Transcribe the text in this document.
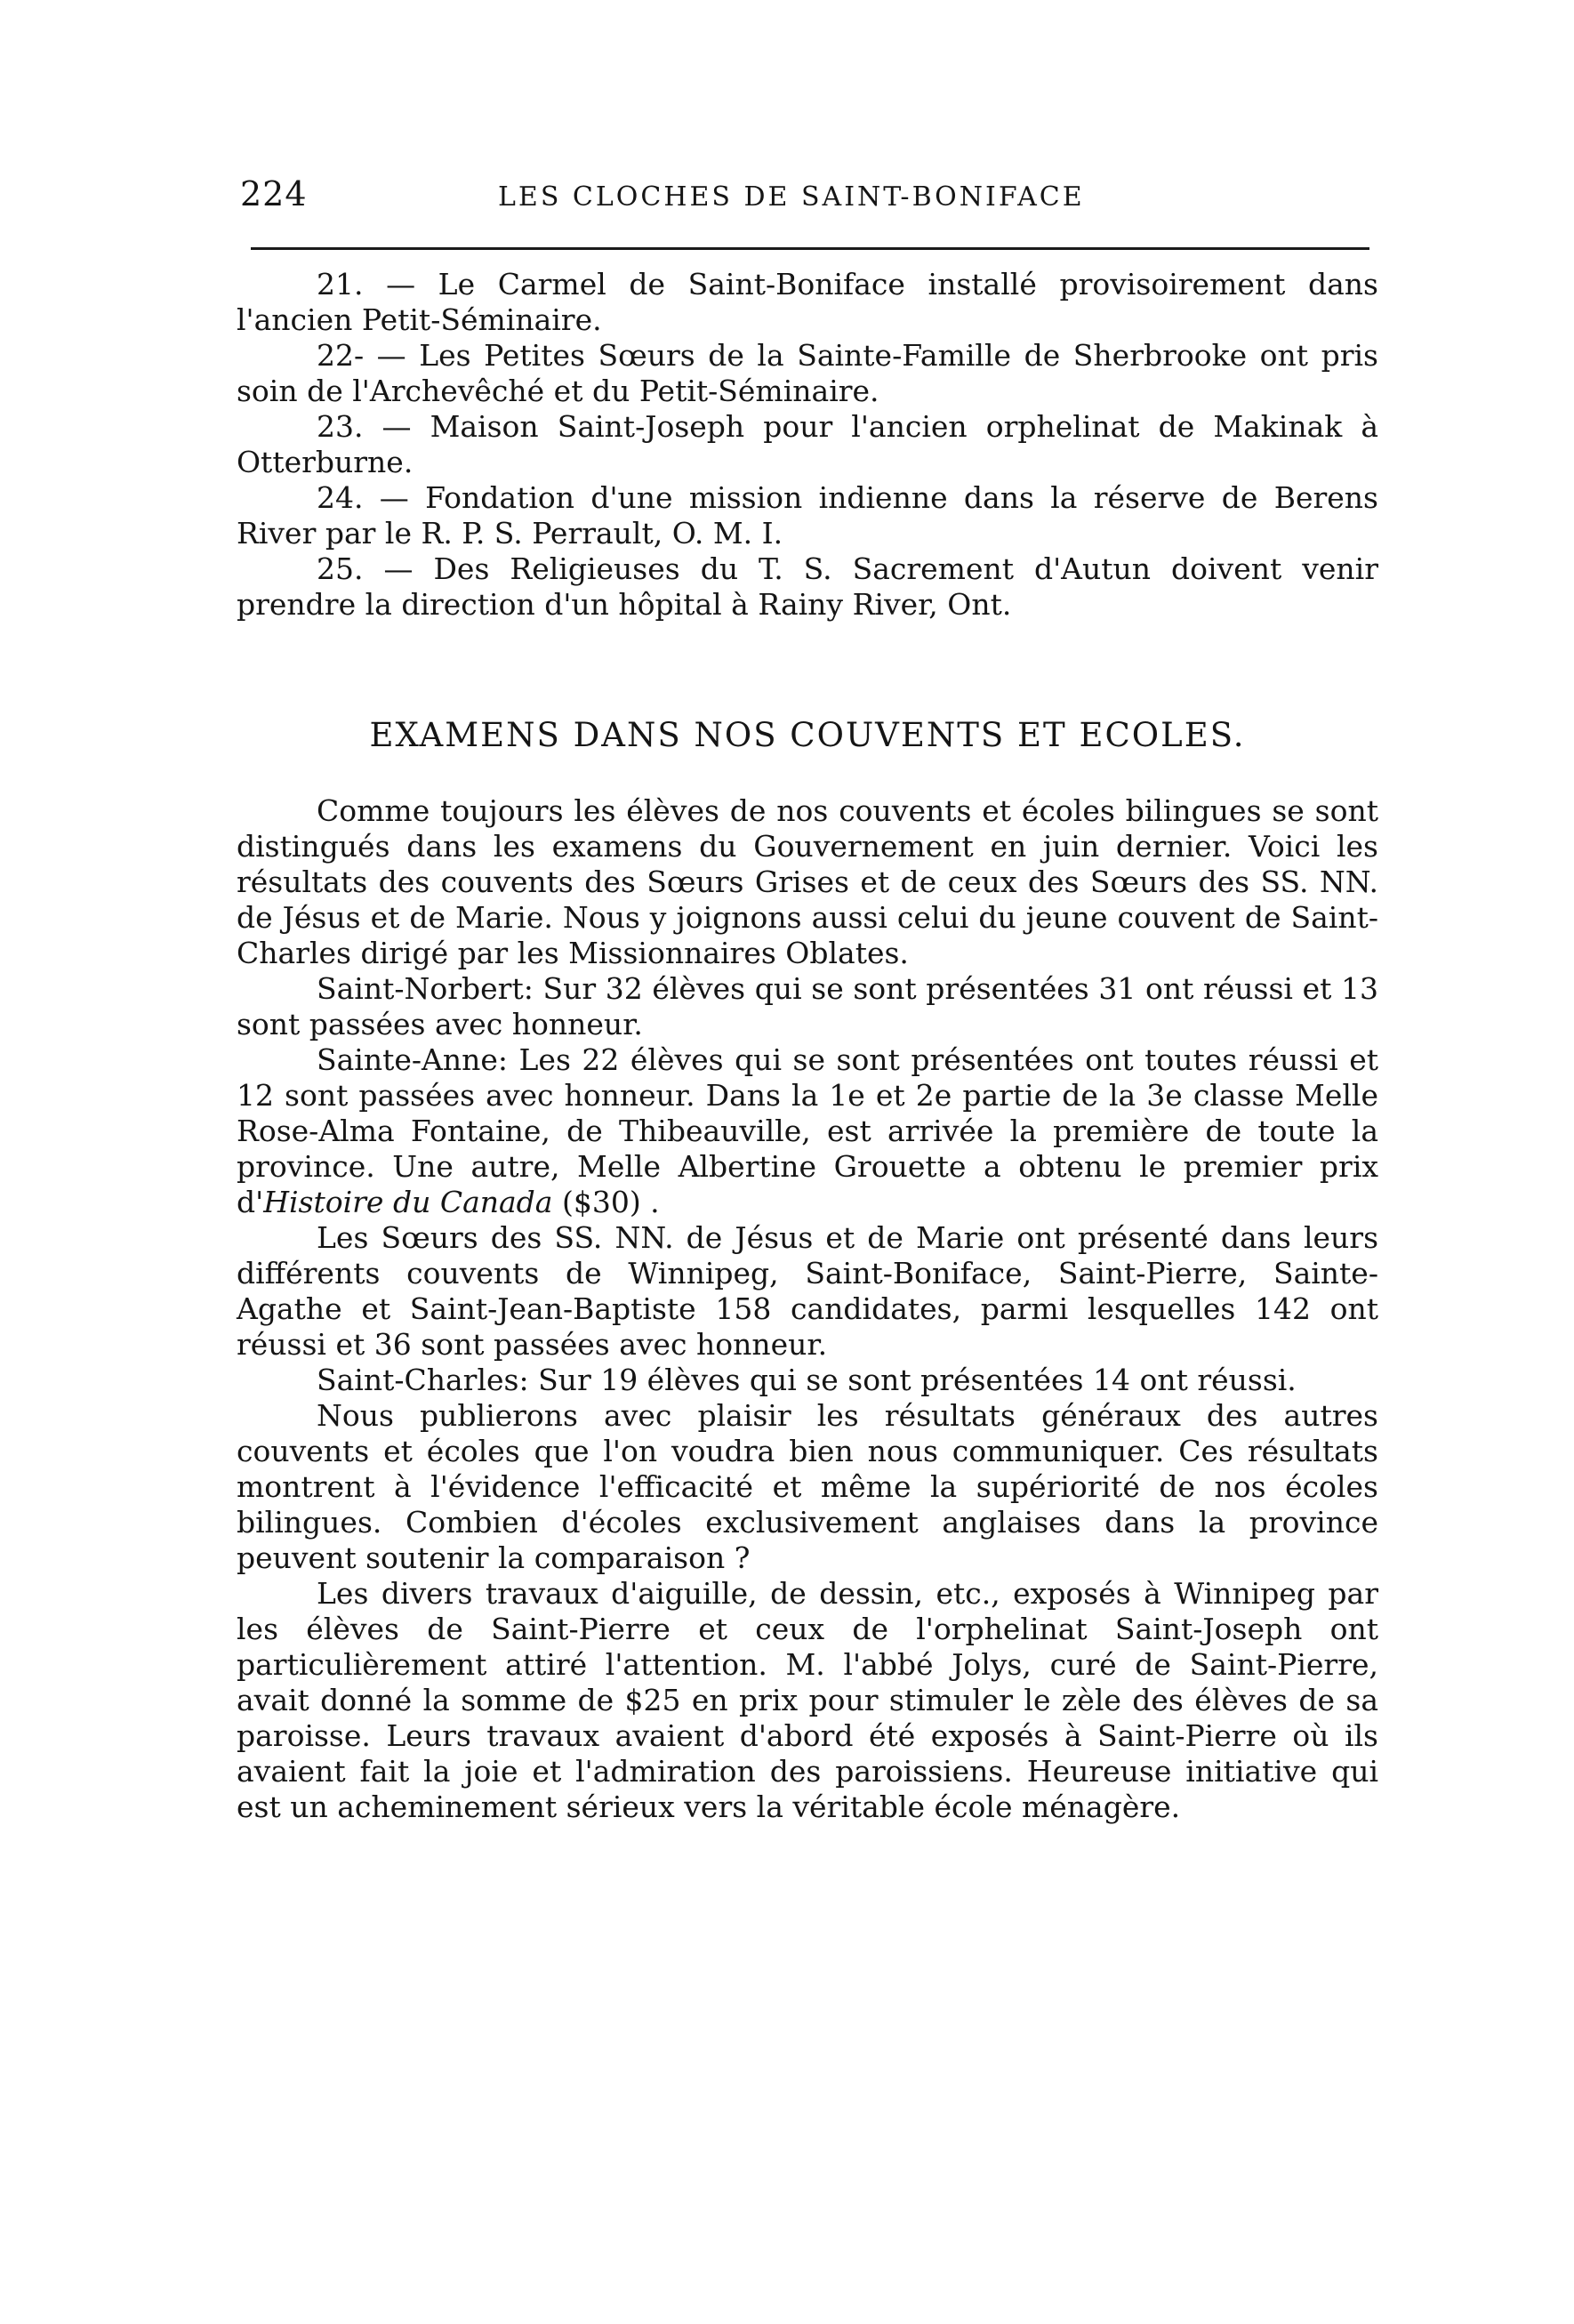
224	LES CLOCHES DE SAINT-BONIFACE

21. — Le Carmel de Saint-Boniface installé provisoirement dans l'ancien Petit-Séminaire.

22- — Les Petites Sœurs de la Sainte-Famille de Sherbrooke ont pris soin de l'Archevêché et du Petit-Séminaire.

23. — Maison Saint-Joseph pour l'ancien orphelinat de Makinak à Otterburne.

24. — Fondation d'une mission indienne dans la réserve de Berens River par le R. P. S. Perrault, O. M. I.

25. — Des Religieuses du T. S. Sacrement d'Autun doivent venir prendre la direction d'un hôpital à Rainy River, Ont.

EXAMENS DANS NOS COUVENTS ET ECOLES.

Comme toujours les élèves de nos couvents et écoles bilingues se sont distingués dans les examens du Gouvernement en juin dernier. Voici les résultats des couvents des Sœurs Grises et de ceux des Sœurs des SS. NN. de Jésus et de Marie. Nous y joignons aussi celui du jeune couvent de Saint-Charles dirigé par les Missionnaires Oblates.

Saint-Norbert: Sur 32 élèves qui se sont présentées 31 ont réussi et 13 sont passées avec honneur.

Sainte-Anne: Les 22 élèves qui se sont présentées ont toutes réussi et 12 sont passées avec honneur. Dans la 1e et 2e partie de la 3e classe Melle Rose-Alma Fontaine, de Thibeauville, est arrivée la première de toute la province. Une autre, Melle Albertine Grouette a obtenu le premier prix d'Histoire du Canada ($30) .

Les Sœurs des SS. NN. de Jésus et de Marie ont présenté dans leurs différents couvents de Winnipeg, Saint-Boniface, Saint-Pierre, Sainte-Agathe et Saint-Jean-Baptiste 158 candidates, parmi lesquelles 142 ont réussi et 36 sont passées avec honneur.

Saint-Charles: Sur 19 élèves qui se sont présentées 14 ont réussi.

Nous publierons avec plaisir les résultats généraux des autres couvents et écoles que l'on voudra bien nous communiquer. Ces résultats montrent à l'évidence l'efficacité et même la supériorité de nos écoles bilingues. Combien d'écoles exclusivement anglaises dans la province peuvent soutenir la comparaison ?

Les divers travaux d'aiguille, de dessin, etc., exposés à Winnipeg par les élèves de Saint-Pierre et ceux de l'orphelinat Saint-Joseph ont particulièrement attiré l'attention. M. l'abbé Jolys, curé de Saint-Pierre, avait donné la somme de $25 en prix pour stimuler le zèle des élèves de sa paroisse. Leurs travaux avaient d'abord été exposés à Saint-Pierre où ils avaient fait la joie et l'admiration des paroissiens. Heureuse initiative qui est un acheminement sérieux vers la véritable école ménagère.
